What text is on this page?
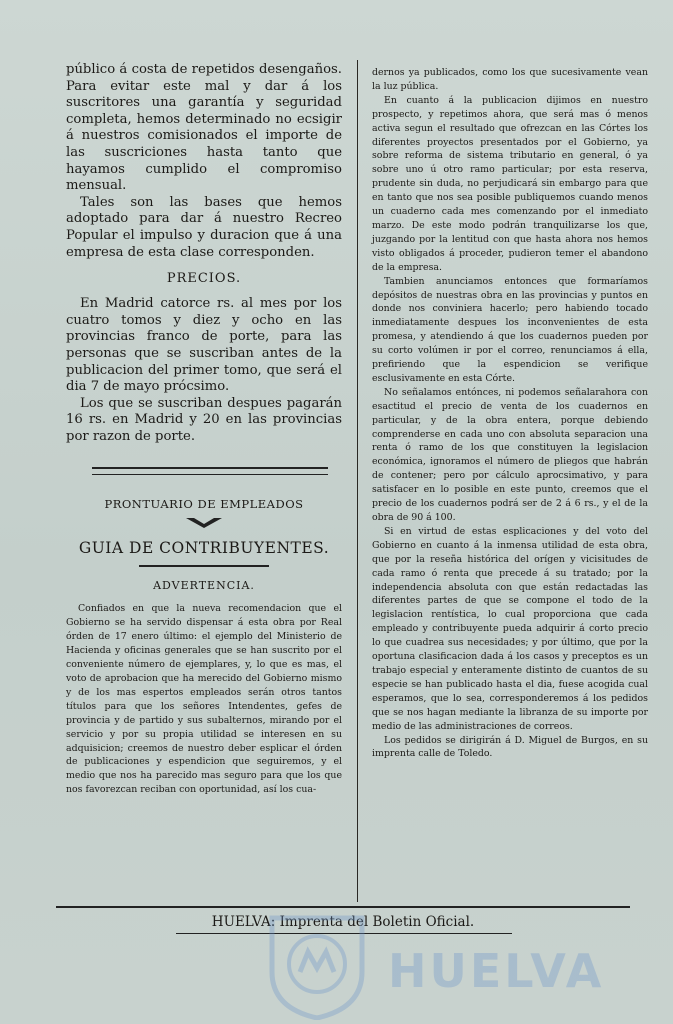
público á costa de repetidos desengaños. Para evitar este mal y dar á los suscritores una garantía y seguridad completa, hemos determinado no ecsigir á nuestros comisionados el importe de las suscriciones hasta tanto que hayamos cumplido el compromiso mensual.

Tales son las bases que hemos adoptado para dar á nuestro Recreo Popular el impulso y duracion que á una empresa de esta clase corresponden.

PRECIOS.

En Madrid catorce rs. al mes por los cuatro tomos y diez y ocho en las provincias franco de porte, para las personas que se suscriban antes de la publicacion del primer tomo, que será el dia 7 de mayo prócsimo.

Los que se suscriban despues pagarán 16 rs. en Madrid y 20 en las provincias por razon de porte.

PRONTUARIO DE EMPLEADOS
GUIA DE CONTRIBUYENTES.
ADVERTENCIA.

Confiados en que la nueva recomendacion que el Gobierno se ha servido dispensar á esta obra por Real órden de 17 enero último: el ejemplo del Ministerio de Hacienda y oficinas generales que se han suscrito por el conveniente número de ejemplares, y, lo que es mas, el voto de aprobacion que ha merecido del Gobierno mismo y de los mas espertos empleados serán otros tantos títulos para que los señores Intendentes, gefes de provincia y de partido y sus subalternos, mirando por el servicio y por su propia utilidad se interesen en su adquisicion; creemos de nuestro deber esplicar el órden de publicaciones y espendicion que seguiremos, y el medio que nos ha parecido mas seguro para que los que nos favorezcan reciban con oportunidad, así los cua-

dernos ya publicados, como los que sucesivamente vean la luz pública.

En cuanto á la publicacion dijimos en nuestro prospecto, y repetimos ahora, que será mas ó menos activa segun el resultado que ofrezcan en las Córtes los diferentes proyectos presentados por el Gobierno, ya sobre reforma de sistema tributario en general, ó ya sobre uno ú otro ramo particular; por esta reserva, prudente sin duda, no perjudicará sin embargo para que en tanto que nos sea posible publiquemos cuando menos un cuaderno cada mes comenzando por el inmediato marzo. De este modo podrán tranquilizarse los que, juzgando por la lentitud con que hasta ahora nos hemos visto obligados á proceder, pudieron temer el abandono de la empresa.

Tambien anunciamos entonces que formaríamos depósitos de nuestras obra en las provincias y puntos en donde nos conviniera hacerlo; pero habiendo tocado inmediatamente despues los inconvenientes de esta promesa, y atendiendo á que los cuadernos pueden por su corto volúmen ir por el correo, renunciamos á ella, prefiriendo que la espendicion se verifique esclusivamente en esta Córte.

No señalamos entónces, ni podemos señalarahora con esactitud el precio de venta de los cuadernos en particular, y de la obra entera, porque debiendo comprenderse en cada uno con absoluta separacion una renta ó ramo de los que constituyen la legislacion económica, ignoramos el número de pliegos que habrán de contener; pero por cálculo aprocsimativo, y para satisfacer en lo posible en este punto, creemos que el precio de los cuadernos podrá ser de 2 á 6 rs., y el de la obra de 90 á 100.

Si en virtud de estas esplicaciones y del voto del Gobierno en cuanto á la inmensa utilidad de esta obra, que por la reseña histórica del orígen y vicisitudes de cada ramo ó renta que precede á su tratado; por la independencia absoluta con que están redactadas las diferentes partes de que se compone el todo de la legislacion rentística, lo cual proporciona que cada empleado y contribuyente pueda adquirir á corto precio lo que cuadrea sus necesidades; y por último, que por la oportuna clasificacion dada á los casos y preceptos es un trabajo especial y enteramente distinto de cuantos de su especie se han publicado hasta el dia, fuese acogida cual esperamos, que lo sea, corresponderemos á los pedidos que se nos hagan mediante la libranza de su importe por medio de las administraciones de correos.

Los pedidos se dirigirán á D. Miguel de Burgos, en su imprenta calle de Toledo.

HUELVA: Imprenta del Boletin Oficial.
HUELVA
